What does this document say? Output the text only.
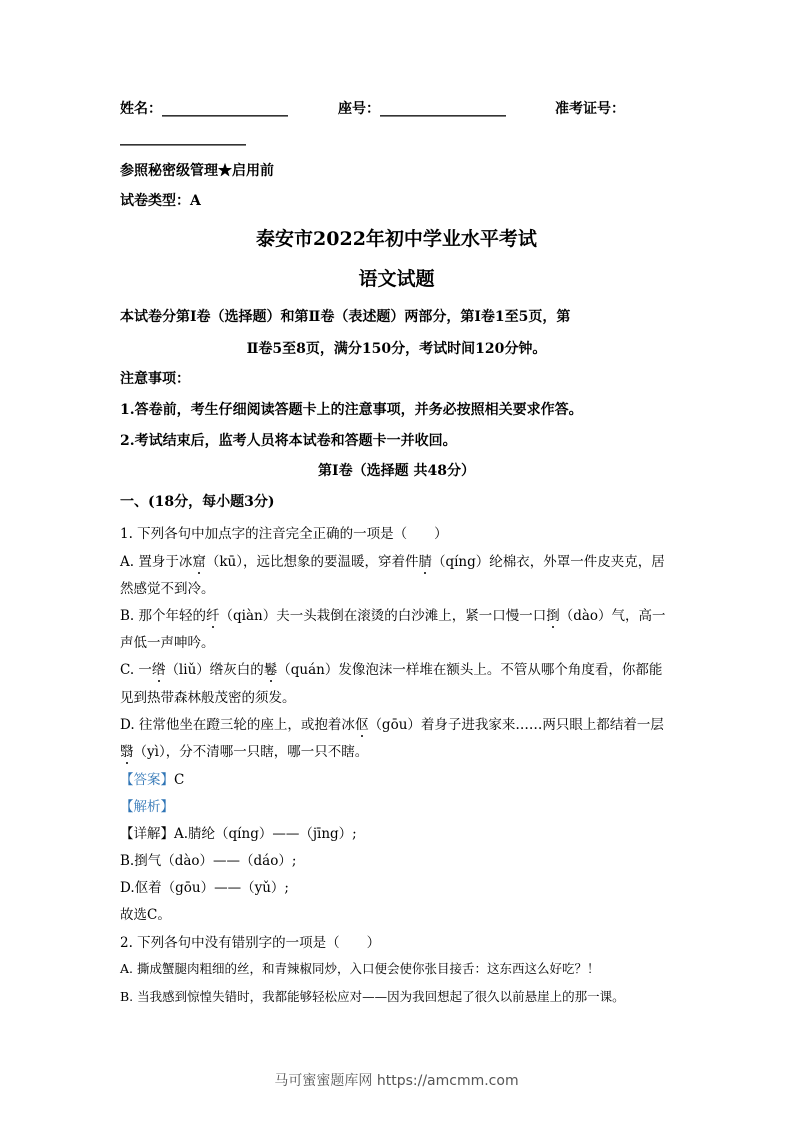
姓名：__________________	座号：__________________	准考证号：
__________________
参照秘密级管理★启用前
试卷类型：A
泰安市2022年初中学业水平考试
语文试题
本试卷分第Ⅰ卷（选择题）和第Ⅱ卷（表述题）两部分，第Ⅰ卷1至5页，第
Ⅱ卷5至8页，满分150分，考试时间120分钟。
注意事项：
1.答卷前，考生仔细阅读答题卡上的注意事项，并务必按照相关要求作答。
2.考试结束后，监考人员将本试卷和答题卡一并收回。
第Ⅰ卷（选择题 共48分）
一、(18分，每小题3分)
1. 下列各句中加点字的注音完全正确的一项是（　　）
A. 置身于冰窟（kū），远比想象的要温暖，穿着件腈（qíng）纶棉衣，外罩一件皮夹克，居
然感觉不到冷。
B. 那个年轻的纤（qiàn）夫一头栽倒在滚烫的白沙滩上，紧一口慢一口捯（dào）气，高一
声低一声呻吟。
C. 一绺（liǔ）绺灰白的鬈（quán）发像泡沫一样堆在额头上。不管从哪个角度看，你都能
见到热带森林般茂密的须发。
D. 往常他坐在蹬三轮的座上，或抱着冰伛（gōu）着身子进我家来……两只眼上都结着一层
翳（yì），分不清哪一只瞎，哪一只不瞎。
【答案】C
【解析】
【详解】A.腈纶（qíng）——（jīng）;
B.捯气（dào）——（dáo）;
D.伛着（gōu）——（yǔ）;
故选C。
2. 下列各句中没有错别字的一项是（　　）
A. 撕成蟹腿肉粗细的丝，和青辣椒同炒，入口便会使你张目接舌：这东西这么好吃？！
B. 当我感到惊惶失错时，我都能够轻松应对——因为我回想起了很久以前悬崖上的那一课。
马可蜜蜜题库网 https://amcmm.com
